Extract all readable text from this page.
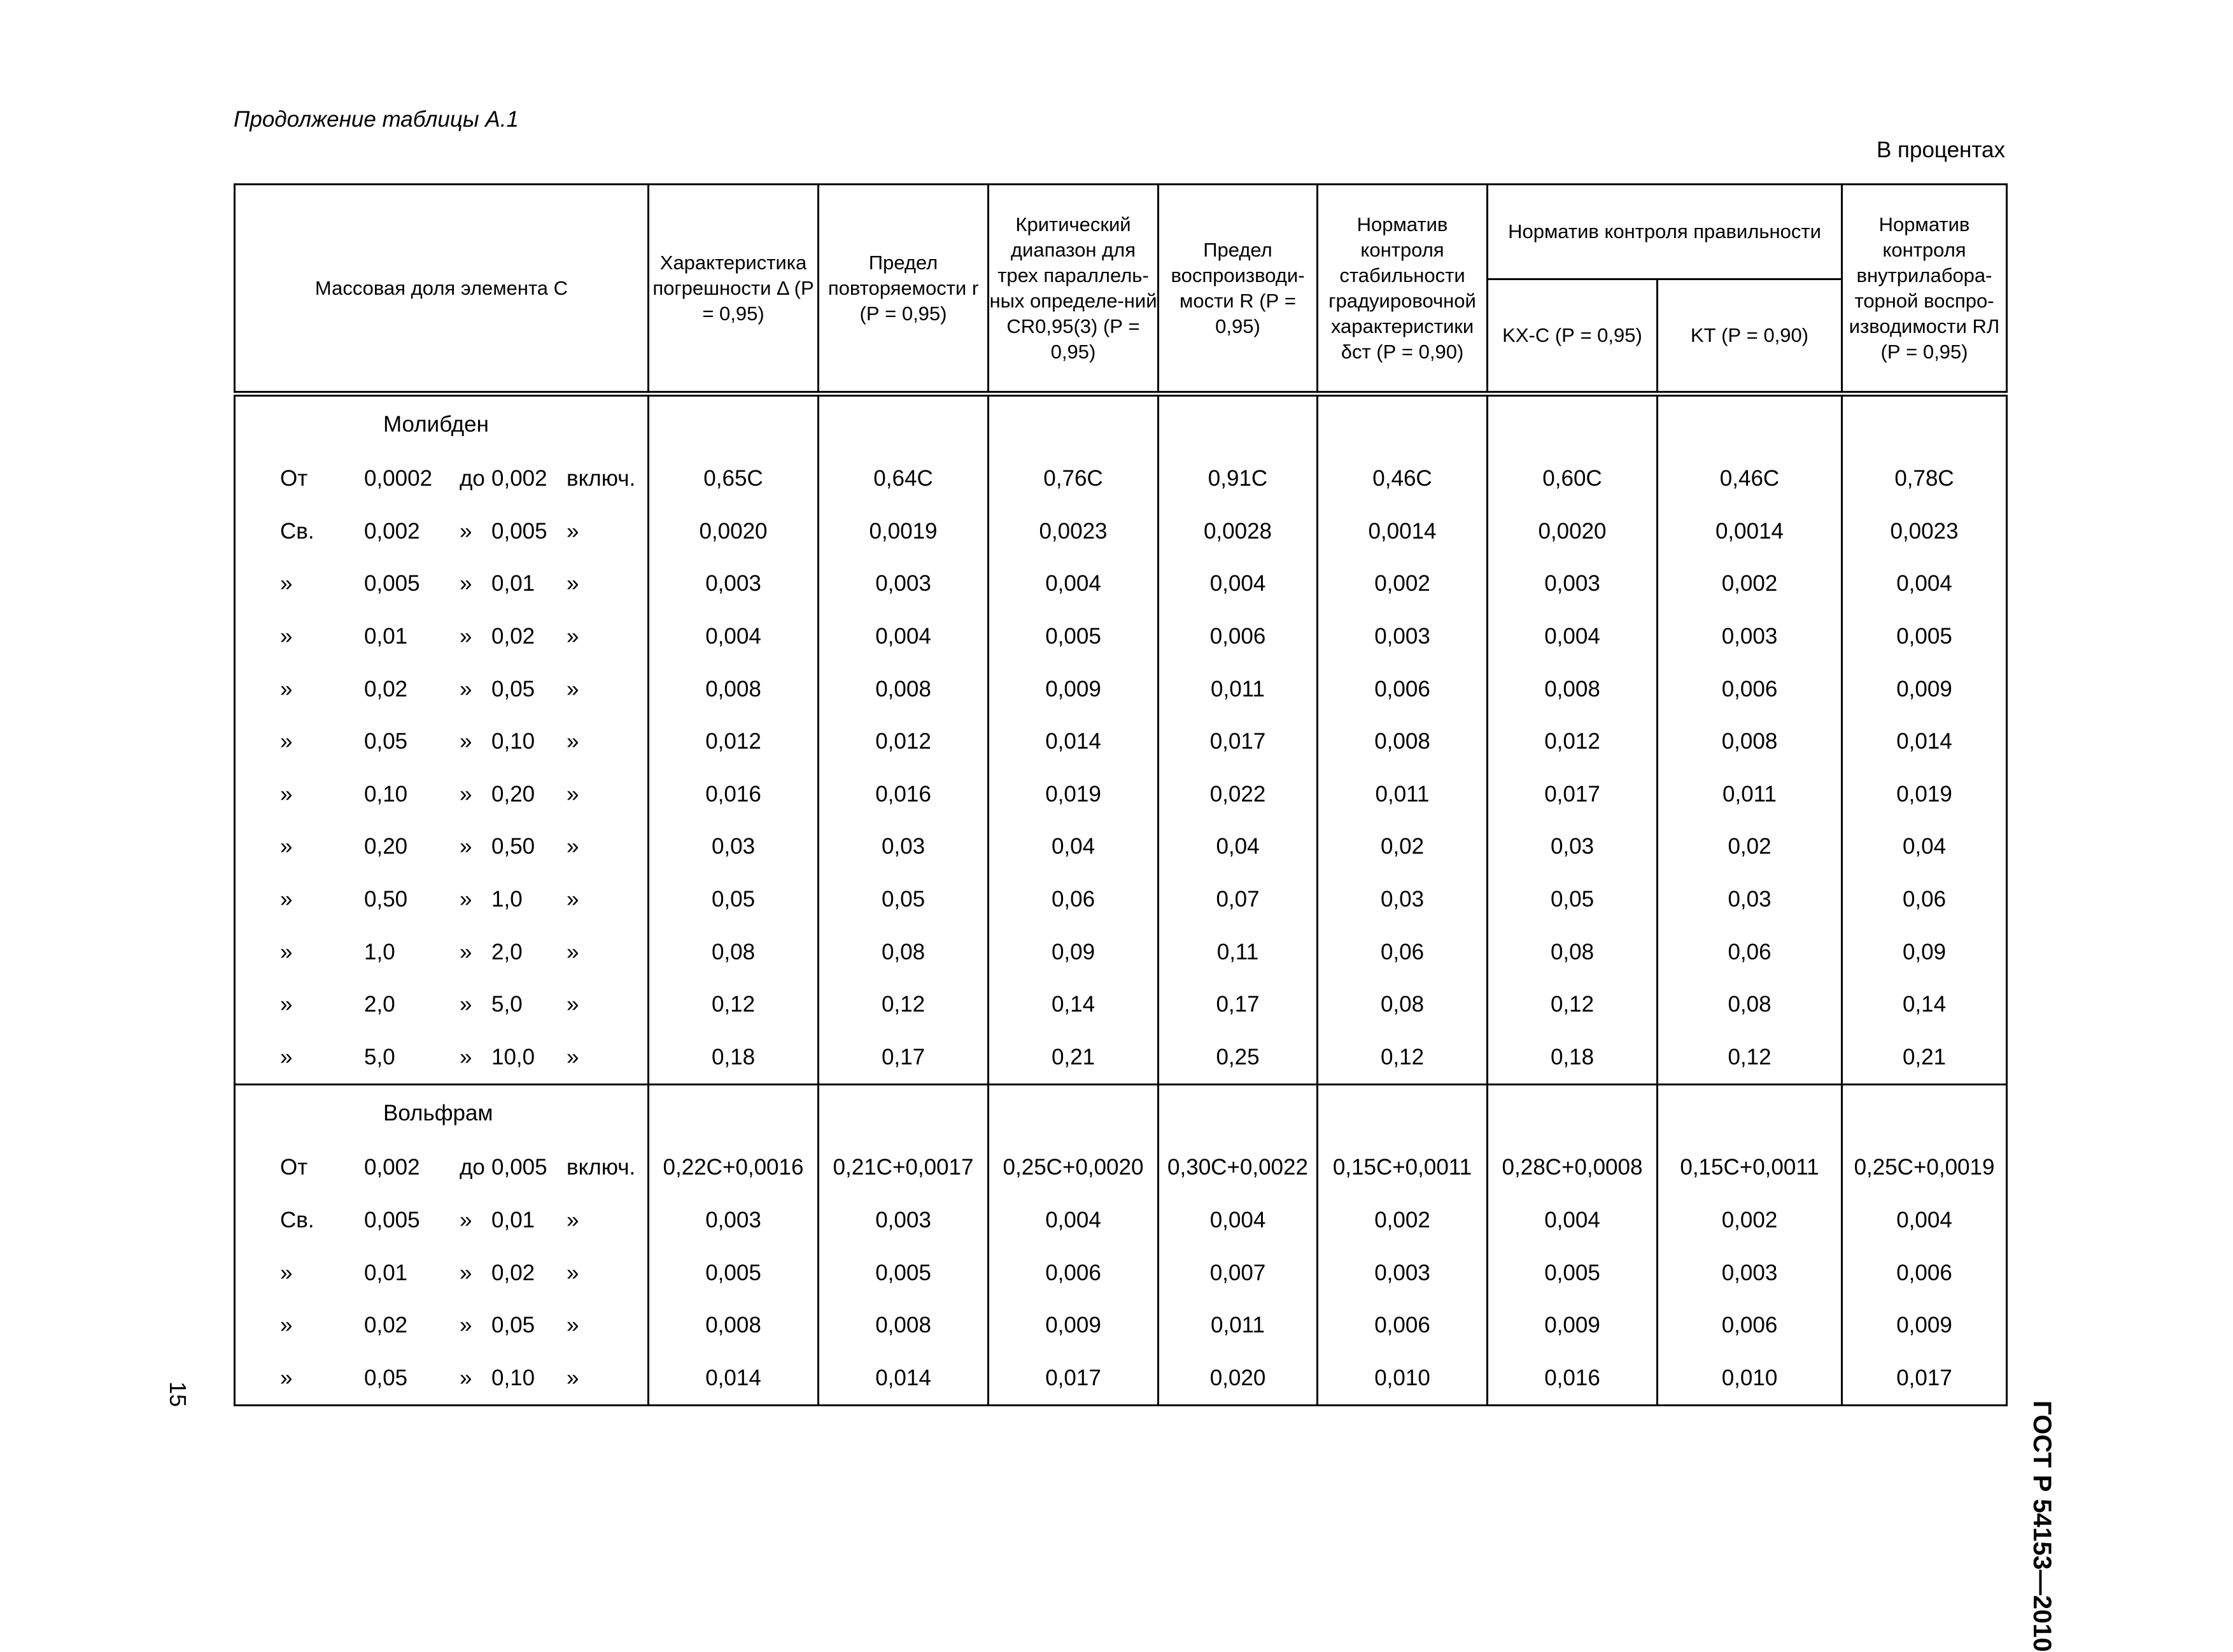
Продолжение таблицы А.1
В процентах
ГОСТ Р 54153—2010
15
Массовая доля элемента С	Характеристика погрешности Δ (Р = 0,95)	Предел повторяемости r (Р = 0,95)	Критический диапазон для трех параллель-ных определе-ний CR0,95(3) (Р = 0,95)	Предел воспроизводи-мости R (Р = 0,95)	Норматив контроля стабильности градуировочной характеристики δст (Р = 0,90)	Норматив контроля правильности		Норматив контроля внутрилабора-торной воспро-изводимости RЛ (Р = 0,95)
						KX-С (Р = 0,95)	KТ (Р = 0,90)	
Молибден								

От 0,0002 до 0,002 включ.	0,65С	0,64С	0,76С	0,91С	0,46С	0,60С	0,46С	0,78С

Св. 0,002 » 0,005 »	0,0020	0,0019	0,0023	0,0028	0,0014	0,0020	0,0014	0,0023

» 0,005 » 0,01 »	0,003	0,003	0,004	0,004	0,002	0,003	0,002	0,004

» 0,01 » 0,02 »	0,004	0,004	0,005	0,006	0,003	0,004	0,003	0,005

» 0,02 » 0,05 »	0,008	0,008	0,009	0,011	0,006	0,008	0,006	0,009

» 0,05 » 0,10 »	0,012	0,012	0,014	0,017	0,008	0,012	0,008	0,014

» 0,10 » 0,20 »	0,016	0,016	0,019	0,022	0,011	0,017	0,011	0,019

» 0,20 » 0,50 »	0,03	0,03	0,04	0,04	0,02	0,03	0,02	0,04

» 0,50 » 1,0 »	0,05	0,05	0,06	0,07	0,03	0,05	0,03	0,06

» 1,0 » 2,0 »	0,08	0,08	0,09	0,11	0,06	0,08	0,06	0,09

» 2,0 » 5,0 »	0,12	0,12	0,14	0,17	0,08	0,12	0,08	0,14

» 5,0 » 10,0 »	0,18	0,17	0,21	0,25	0,12	0,18	0,12	0,21
Вольфрам								

От 0,002 до 0,005 включ.	0,22С+0,0016	0,21С+0,0017	0,25С+0,0020	0,30С+0,0022	0,15С+0,0011	0,28С+0,0008	0,15С+0,0011	0,25С+0,0019

Св. 0,005 » 0,01 »	0,003	0,003	0,004	0,004	0,002	0,004	0,002	0,004

» 0,01 » 0,02 »	0,005	0,005	0,006	0,007	0,003	0,005	0,003	0,006

» 0,02 » 0,05 »	0,008	0,008	0,009	0,011	0,006	0,009	0,006	0,009

» 0,05 » 0,10 »	0,014	0,014	0,017	0,020	0,010	0,016	0,010	0,017
